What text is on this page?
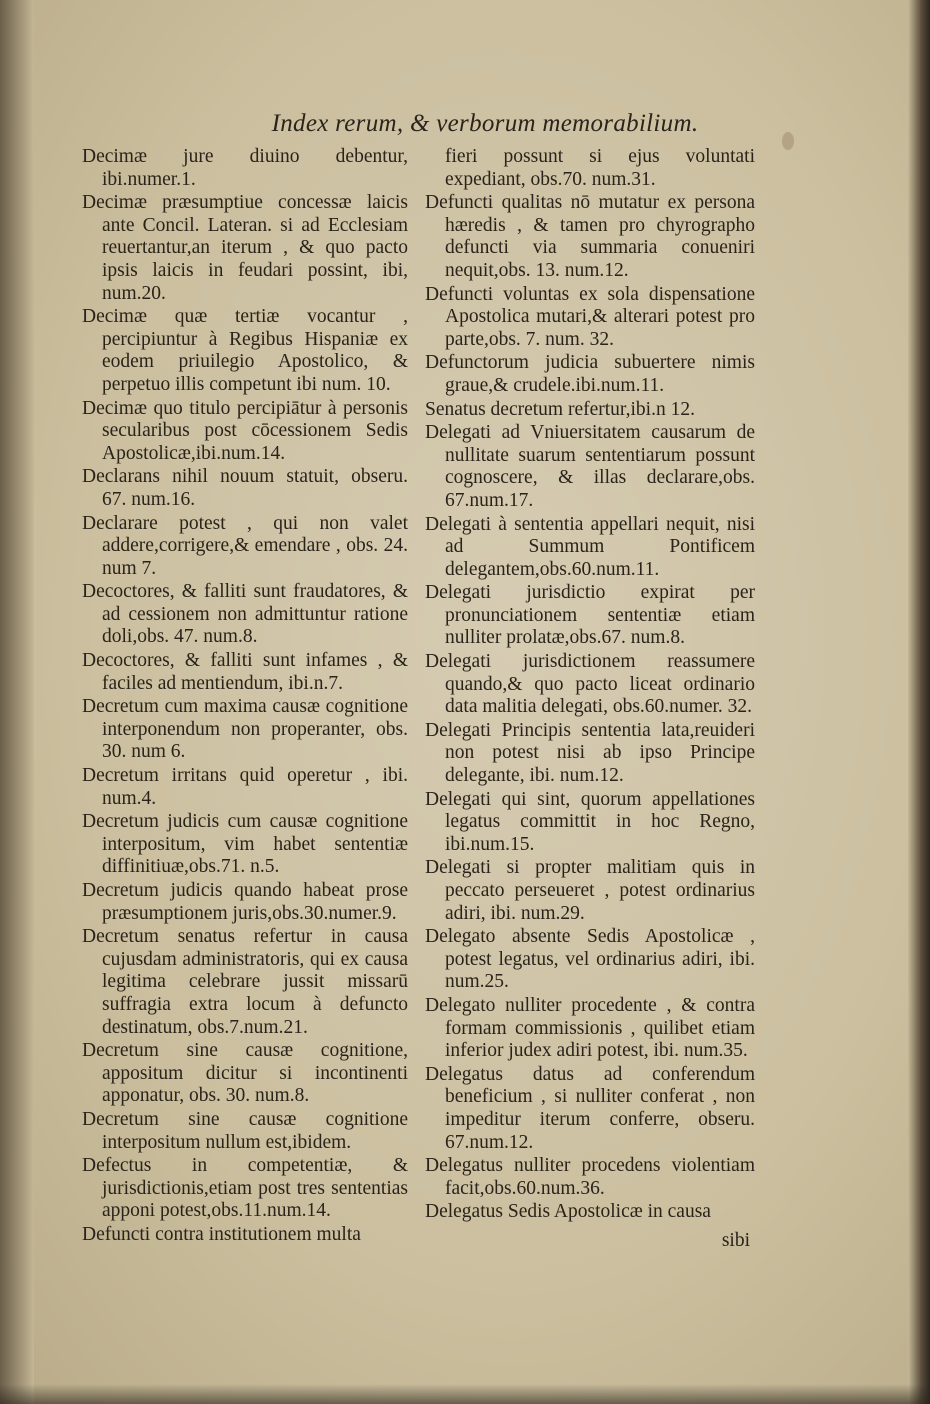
Index rerum, & verborum memorabilium.

Decimæ jure diuino debentur, ibi.numer.1.

Decimæ præsumptiue concessæ laicis ante Concil. Lateran. si ad Ecclesiam reuertantur,an iterum , & quo pacto ipsis laicis in feudari possint, ibi, num.20.

Decimæ quæ tertiæ vocantur , percipiuntur à Regibus Hispaniæ ex eodem priuilegio Apostolico, & perpetuo illis competunt ibi num. 10.

Decimæ quo titulo percipiātur à personis secularibus post cōcessionem Sedis Apostolicæ,ibi.num.14.

Declarans nihil nouum statuit, obseru. 67. num.16.

Declarare potest , qui non valet addere,corrigere,& emendare , obs. 24. num 7.

Decoctores, & falliti sunt fraudatores, & ad cessionem non admittuntur ratione doli,obs. 47. num.8.

Decoctores, & falliti sunt infames , & faciles ad mentiendum, ibi.n.7.

Decretum cum maxima causæ cognitione interponendum non properanter, obs. 30. num 6.

Decretum irritans quid operetur , ibi. num.4.

Decretum judicis cum causæ cognitione interpositum, vim habet sententiæ diffinitiuæ,obs.71. n.5.

Decretum judicis quando habeat prose præsumptionem juris,obs.30.numer.9.

Decretum senatus refertur in causa cujusdam administratoris, qui ex causa legitima celebrare jussit missarū suffragia extra locum à defuncto destinatum, obs.7.num.21.

Decretum sine causæ cognitione, appositum dicitur si incontinenti apponatur, obs. 30. num.8.

Decretum sine causæ cognitione interpositum nullum est,ibidem.

Defectus in competentiæ, & jurisdictionis,etiam post tres sententias apponi potest,obs.11.num.14.

Defuncti contra institutionem multa

fieri possunt si ejus voluntati expediant, obs.70. num.31.

Defuncti qualitas nō mutatur ex persona hæredis , & tamen pro chyrographo defuncti via summaria conueniri nequit,obs. 13. num.12.

Defuncti voluntas ex sola dispensatione Apostolica mutari,& alterari potest pro parte,obs. 7. num. 32.

Defunctorum judicia subuertere nimis graue,& crudele.ibi.num.11.

Senatus decretum refertur,ibi.n 12.

Delegati ad Vniuersitatem causarum de nullitate suarum sententiarum possunt cognoscere, & illas declarare,obs. 67.num.17.

Delegati à sententia appellari nequit, nisi ad Summum Pontificem delegantem,obs.60.num.11.

Delegati jurisdictio expirat per pronunciationem sententiæ etiam nulliter prolatæ,obs.67. num.8.

Delegati jurisdictionem reassumere quando,& quo pacto liceat ordinario data malitia delegati, obs.60.numer. 32.

Delegati Principis sententia lata,reuideri non potest nisi ab ipso Principe delegante, ibi. num.12.

Delegati qui sint, quorum appellationes legatus committit in hoc Regno, ibi.num.15.

Delegati si propter malitiam quis in peccato perseueret , potest ordinarius adiri, ibi. num.29.

Delegato absente Sedis Apostolicæ , potest legatus, vel ordinarius adiri, ibi. num.25.

Delegato nulliter procedente , & contra formam commissionis , quilibet etiam inferior judex adiri potest, ibi. num.35.

Delegatus datus ad conferendum beneficium , si nulliter conferat , non impeditur iterum conferre, obseru. 67.num.12.

Delegatus nulliter procedens violentiam facit,obs.60.num.36.

Delegatus Sedis Apostolicæ in causa

sibi
